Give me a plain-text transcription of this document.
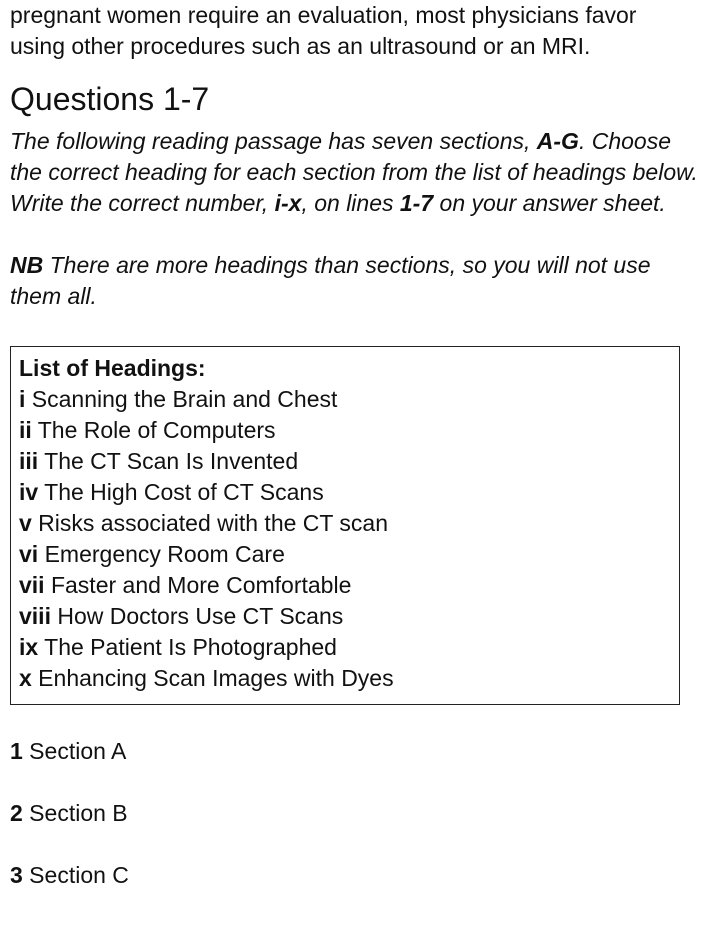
pregnant women require an evaluation, most physicians favor
using other procedures such as an ultrasound or an MRI.

Questions 1-7

The following reading passage has seven sections, A-G. Choose the correct heading for each section from the list of headings below. Write the correct number, i-x, on lines 1-7 on your answer sheet.

NB There are more headings than sections, so you will not use them all.

List of Headings:
i Scanning the Brain and Chest
ii The Role of Computers
iii The CT Scan Is Invented
iv The High Cost of CT Scans
v Risks associated with the CT scan
vi Emergency Room Care
vii Faster and More Comfortable
viii How Doctors Use CT Scans
ix The Patient Is Photographed
x Enhancing Scan Images with Dyes
1 Section A
2 Section B
3 Section C
